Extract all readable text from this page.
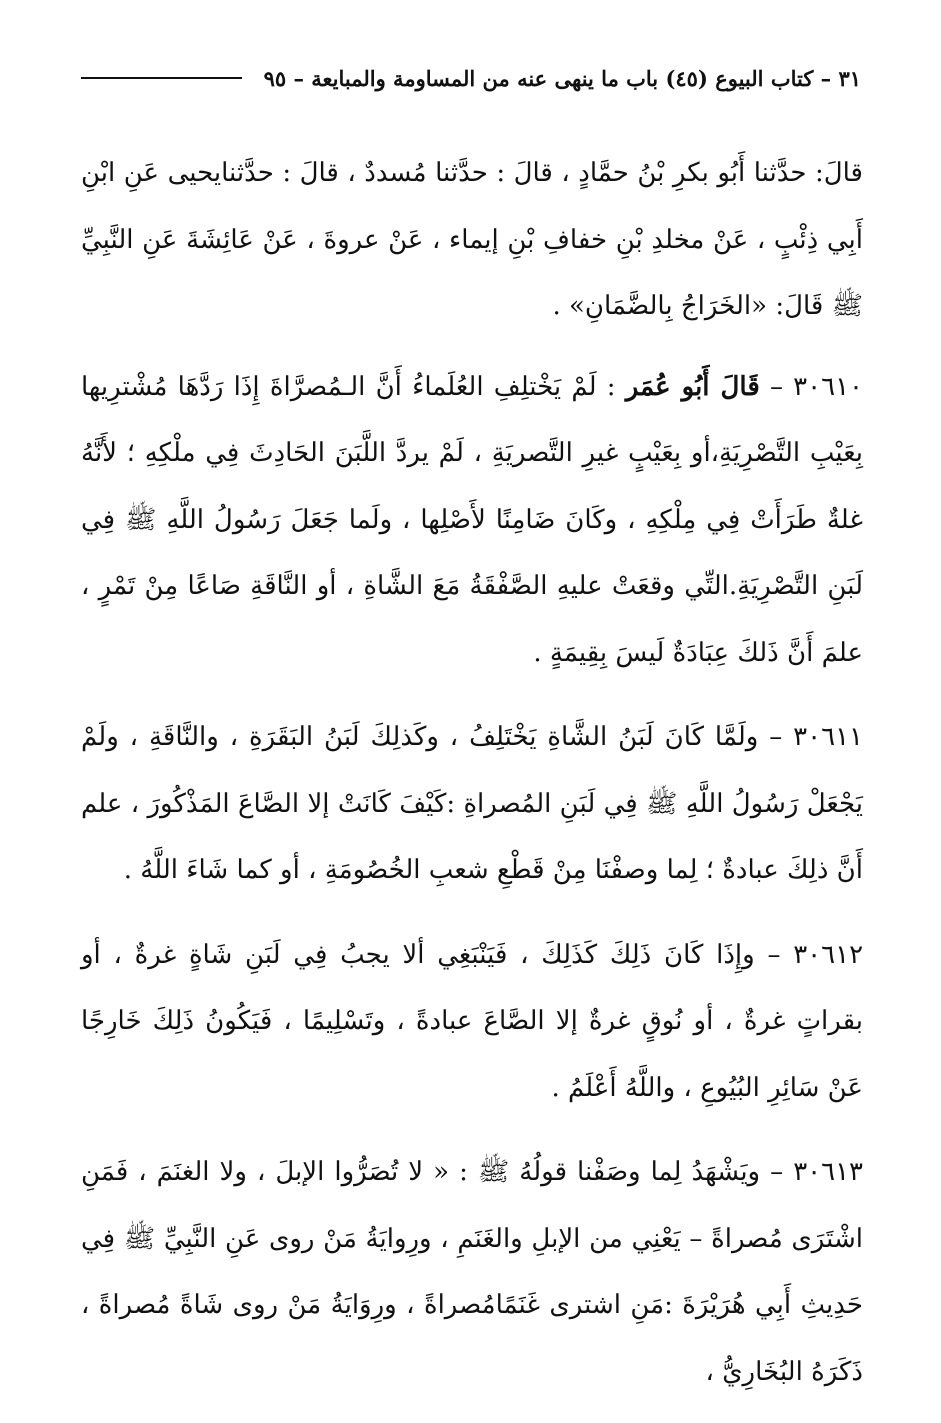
٣١ – كتاب البيوع (٤٥) باب ما ينهى عنه من المساومة والمبايعة – ٩٥

قالَ: حدَّثنا أَبُو بكرِ بْنُ حمَّادٍ ، قالَ : حدَّثنا مُسددٌ ، قالَ : حدَّثنايحيى عَنِ ابْنِ أَبِي ذِئْبٍ ، عَنْ مخلدِ بْنِ خفافِ بْنِ إيماء ، عَنْ عروةَ ، عَنْ عَائِشَةَ عَنِ النَّبِيِّ ﷺ قَالَ: «الخَرَاجُ بِالضَّمَانِ» .

٣٠٦١٠ – قَالَ أَبُو عُمَر : لَمْ يَخْتلِفِ العُلَماءُ أَنَّ الـمُصرَّاةَ إِذَا رَدَّهَا مُشْترِيها بِعَيْبِ التَّصْرِيَةِ،أو بِعَيْبٍ غيرِ التَّصريَةِ ، لَمْ يردَّ اللَّبَنَ الحَادِثَ فِي ملْكِهِ ؛ لأَنَّهُ غلةٌ طَرَأَتْ فِي مِلْكِهِ ، وكَانَ ضَامِنًا لأَصْلِها ، ولَما جَعَلَ رَسُولُ اللَّهِ ﷺ فِي لَبَنِ التَّصْرِيَةِ.التِّي وقعَتْ عليهِ الصَّفْقَةُ مَعَ الشَّاةِ ، أو النَّاقَةِ صَاعًا مِنْ تَمْرٍ ، علمَ أَنَّ ذَلكَ عِبَادَةٌ لَيسَ بِقِيمَةٍ .

٣٠٦١١ – ولَمَّا كَانَ لَبَنُ الشَّاةِ يَخْتَلِفُ ، وكَذلِكَ لَبَنُ البَقَرَةِ ، والنَّاقَةِ ، ولَمْ يَجْعَلْ رَسُولُ اللَّهِ ﷺ فِي لَبَنِ المُصراةِ :كَيْفَ كَانَتْ إلا الصَّاعَ المَذْكُورَ ، علم أَنَّ ذلِكَ عبادةٌ ؛ لِما وصفْنَا مِنْ قَطْعِ شعبِ الخُصُومَةِ ، أو كما شَاءَ اللَّهُ .

٣٠٦١٢ – وإِذَا كَانَ ذَلِكَ كَذَلِكَ ، فَيَنْبَغِي ألا يجبُ فِي لَبَنِ شَاةٍ غرةٌ ، أو بقراتٍ غرةٌ ، أو نُوقٍ غرةٌ إلا الصَّاعَ عبادةً ، وتَسْلِيمًا ، فَيَكُونُ ذَلِكَ خَارِجًا عَنْ سَائِرِ البُيُوعِ ، واللَّهُ أَعْلَمُ .

٣٠٦١٣ – ويَشْهَدُ لِما وصَفْنا قولُهُ ﷺ : « لا تُصَرُّوا الإبلَ ، ولا الغنَمَ ، فَمَنِ اشْتَرَى مُصراةً – يَعْنِي من الإبلِ والغَنَمِ ، ورِوايَةُ مَنْ روى عَنِ النَّبِيِّ ﷺ فِي حَدِيثِ أَبِي هُرَيْرَةَ :مَنِ اشترى غَنَمًامُصراةً ، ورِوَايَةُ مَنْ روى شَاةً مُصراةً ، ذَكَرَهُ البُخَارِيُّ ،
